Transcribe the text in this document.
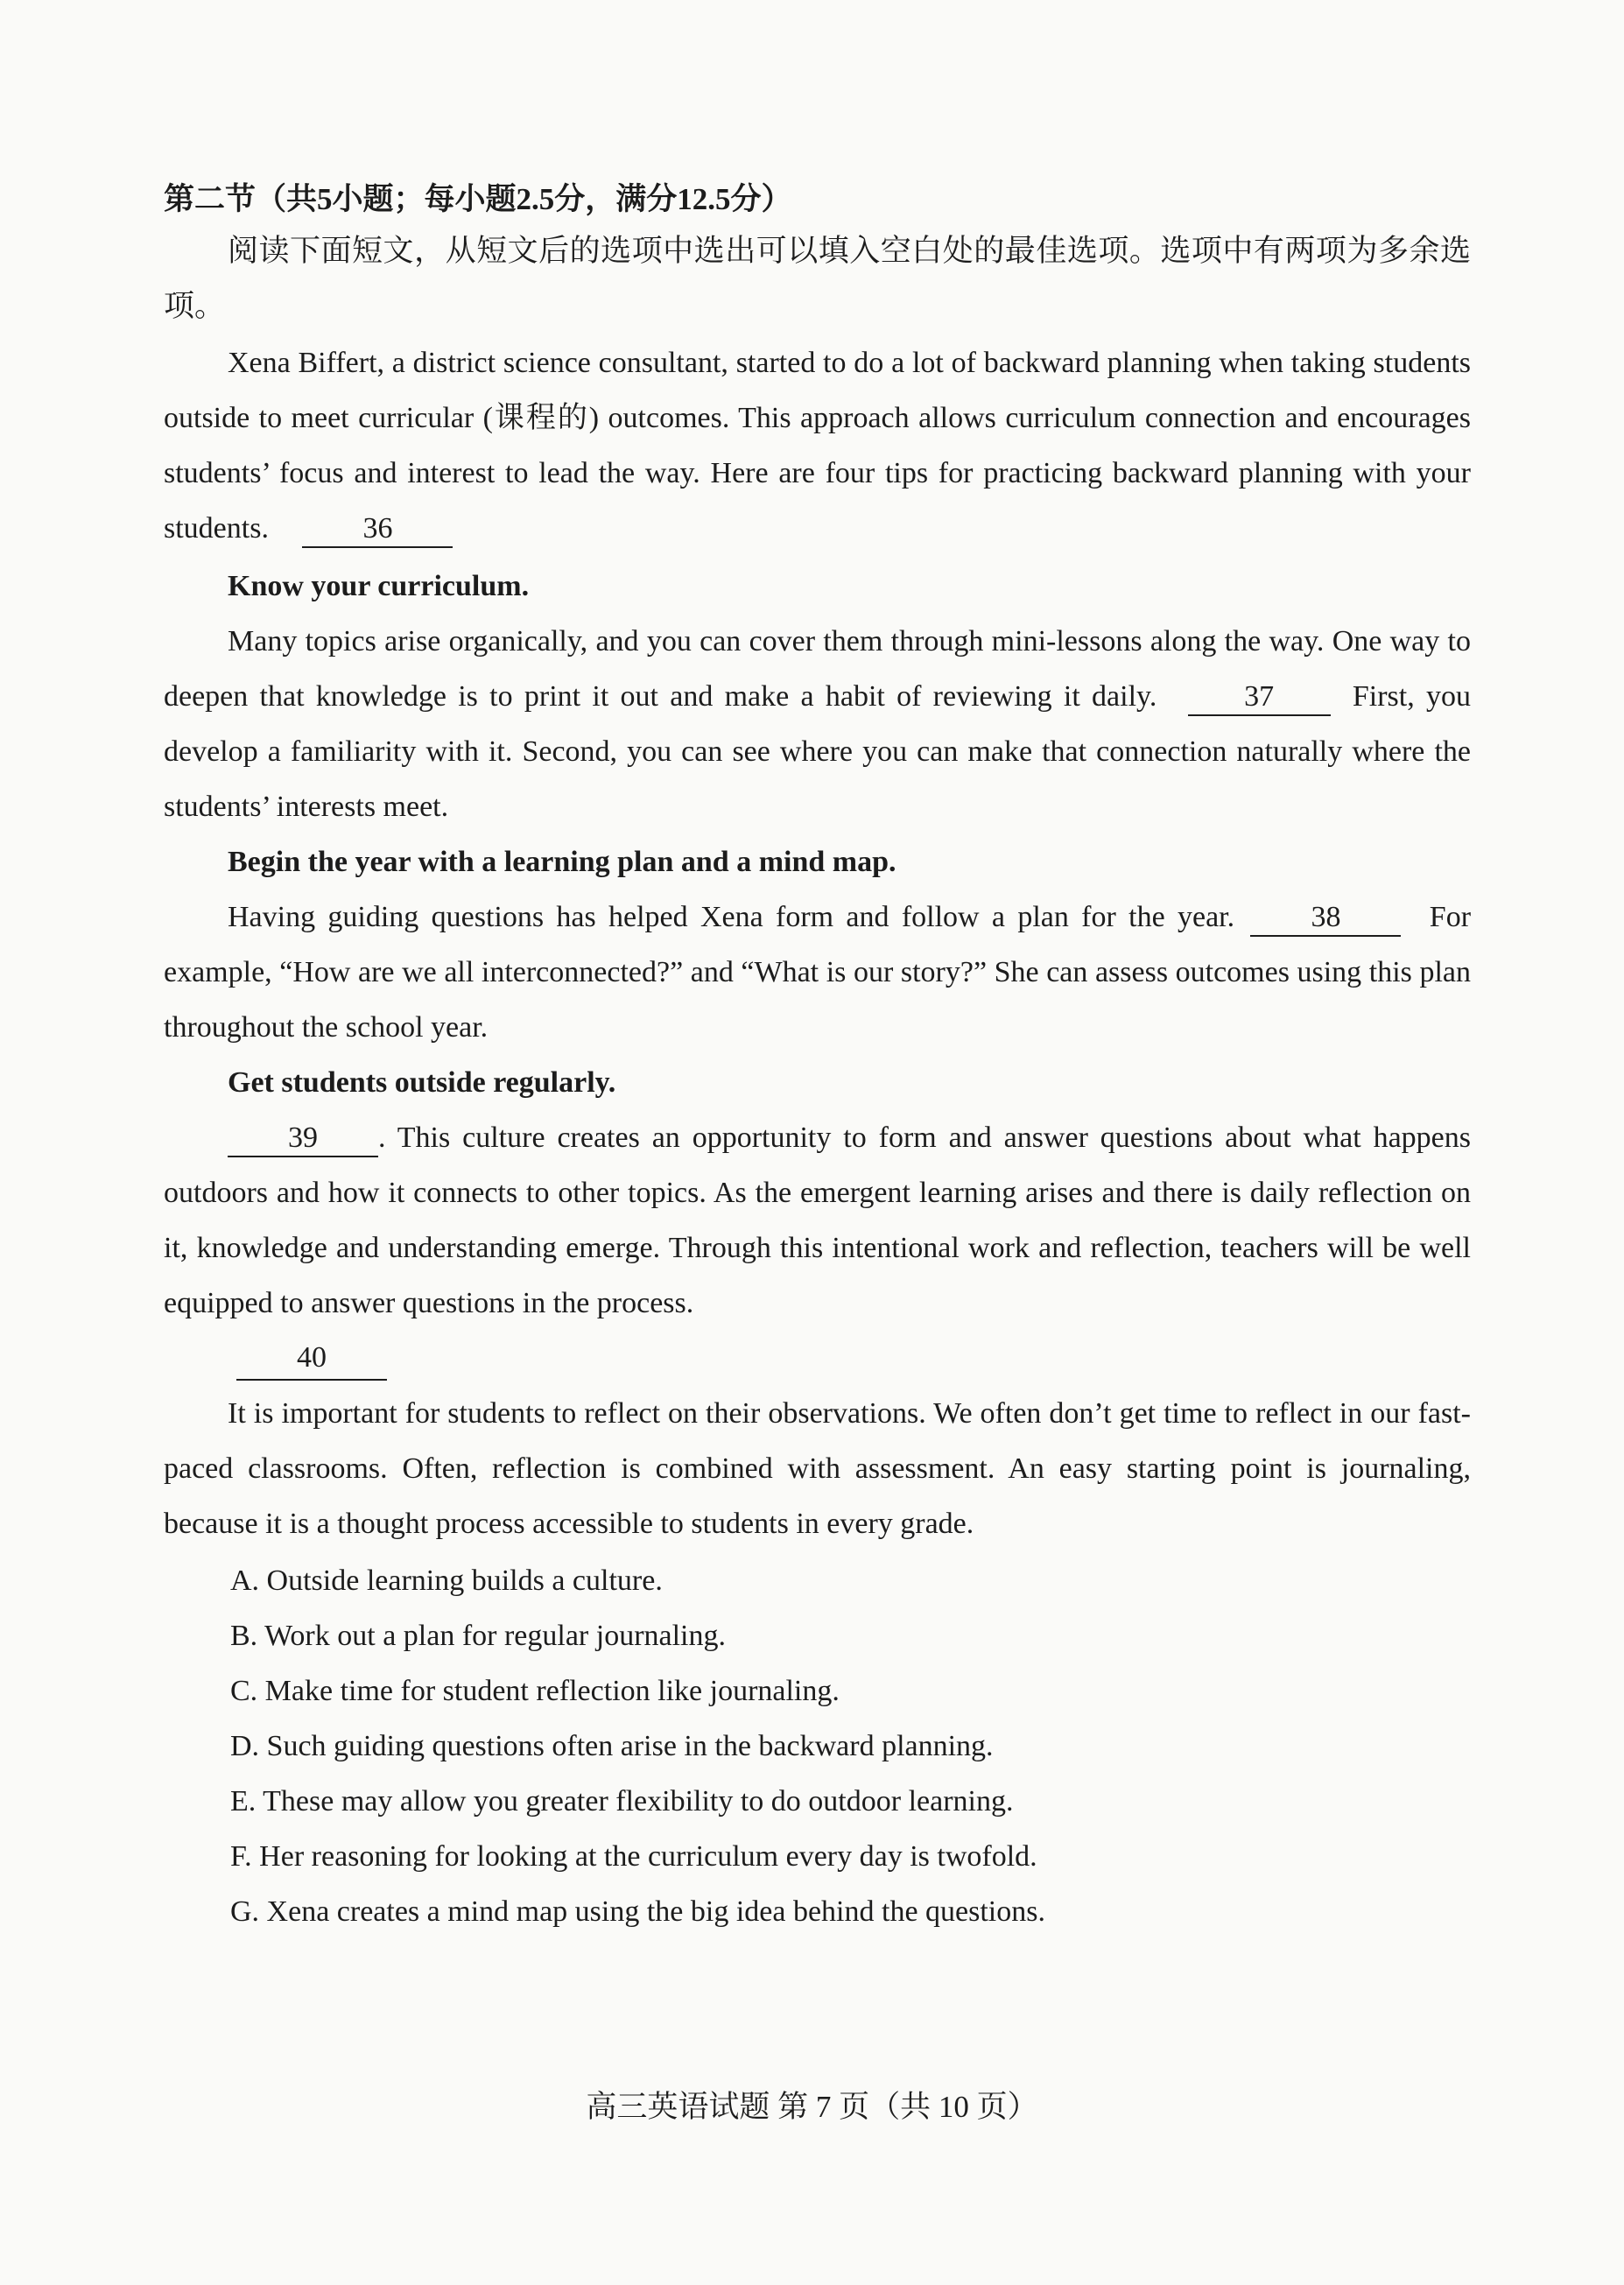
第二节（共5小题；每小题2.5分，满分12.5分）
阅读下面短文，从短文后的选项中选出可以填入空白处的最佳选项。选项中有两项为多余选项。
Xena Biffert, a district science consultant, started to do a lot of backward planning when taking students outside to meet curricular (课程的) outcomes. This approach allows curriculum connection and encourages students’ focus and interest to lead the way. Here are four tips for practicing backward planning with your students.	36
Know your curriculum.
Many topics arise organically, and you can cover them through mini-lessons along the way. One way to deepen that knowledge is to print it out and make a habit of reviewing it daily.	37	First, you develop a familiarity with it. Second, you can see where you can make that connection naturally where the students’ interests meet.
Begin the year with a learning plan and a mind map.
Having guiding questions has helped Xena form and follow a plan for the year.	38	For example, “How are we all interconnected?” and “What is our story?” She can assess outcomes using this plan throughout the school year.
Get students outside regularly.
39 . This culture creates an opportunity to form and answer questions about what happens outdoors and how it connects to other topics. As the emergent learning arises and there is daily reflection on it, knowledge and understanding emerge. Through this intentional work and reflection, teachers will be well equipped to answer questions in the process.
40
It is important for students to reflect on their observations. We often don’t get time to reflect in our fast-paced classrooms. Often, reflection is combined with assessment. An easy starting point is journaling, because it is a thought process accessible to students in every grade.
A. Outside learning builds a culture.
B. Work out a plan for regular journaling.
C. Make time for student reflection like journaling.
D. Such guiding questions often arise in the backward planning.
E. These may allow you greater flexibility to do outdoor learning.
F. Her reasoning for looking at the curriculum every day is twofold.
G. Xena creates a mind map using the big idea behind the questions.
高三英语试题 第 7 页（共 10 页）
